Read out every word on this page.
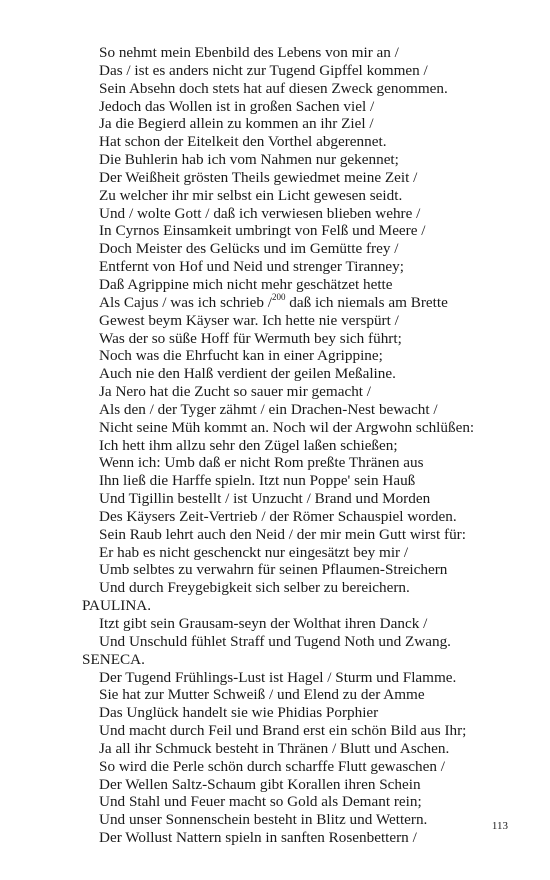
So nehmt mein Ebenbild des Lebens von mir an /
Das / ist es anders nicht zur Tugend Gipffel kommen /
Sein Absehn doch stets hat auf diesen Zweck genommen.
Jedoch das Wollen ist in großen Sachen viel /
Ja die Begierd allein zu kommen an ihr Ziel /
Hat schon der Eitelkeit den Vorthel abgerennet.
Die Buhlerin hab ich vom Nahmen nur gekennet;
Der Weißheit grösten Theils gewiedmet meine Zeit /
Zu welcher ihr mir selbst ein Licht gewesen seidt.
Und / wolte Gott / daß ich verwiesen blieben wehre /
In Cyrnos Einsamkeit umbringt von Felß und Meere /
Doch Meister des Gelücks und im Gemütte frey /
Entfernt von Hof und Neid und strenger Tiranney;
Daß Agrippine mich nicht mehr geschätzet hette
Als Cajus / was ich schrieb /$^{200}$ daß ich niemals am Brette
Gewest beym Käyser war. Ich hette nie verspürt /
Was der so süße Hoff für Wermuth bey sich führt;
Noch was die Ehrfucht kan in einer Agrippine;
Auch nie den Halß verdient der geilen Meßaline.
Ja Nero hat die Zucht so sauer mir gemacht /
Als den / der Tyger zähmt / ein Drachen-Nest bewacht /
Nicht seine Müh kommt an. Noch wil der Argwohn schlüßen:
Ich hett ihm allzu sehr den Zügel laßen schießen;
Wenn ich: Umb daß er nicht Rom preßte Thränen aus
Ihn ließ die Harffe spieln. Itzt nun Poppe' sein Hauß
Und Tigillin bestellt / ist Unzucht / Brand und Morden
Des Käysers Zeit-Vertrieb / der Römer Schauspiel worden.
Sein Raub lehrt auch den Neid / der mir mein Gutt wirst für:
Er hab es nicht geschenckt nur eingesätzt bey mir /
Umb selbtes zu verwahrn für seinen Pflaumen-Streichern
Und durch Freygebigkeit sich selber zu bereichern.
PAULINA.
Itzt gibt sein Grausam-seyn der Wolthat ihren Danck /
Und Unschuld fühlet Straff und Tugend Noth und Zwang.
SENECA.
Der Tugend Frühlings-Lust ist Hagel / Sturm und Flamme.
Sie hat zur Mutter Schweiß / und Elend zu der Amme
Das Unglück handelt sie wie Phidias Porphier
Und macht durch Feil und Brand erst ein schön Bild aus Ihr;
Ja all ihr Schmuck besteht in Thränen / Blutt und Aschen.
So wird die Perle schön durch scharffe Flutt gewaschen /
Der Wellen Saltz-Schaum gibt Korallen ihren Schein
Und Stahl und Feuer macht so Gold als Demant rein;
Und unser Sonnenschein besteht in Blitz und Wettern.
Der Wollust Nattern spieln in sanften Rosenbettern /
113
